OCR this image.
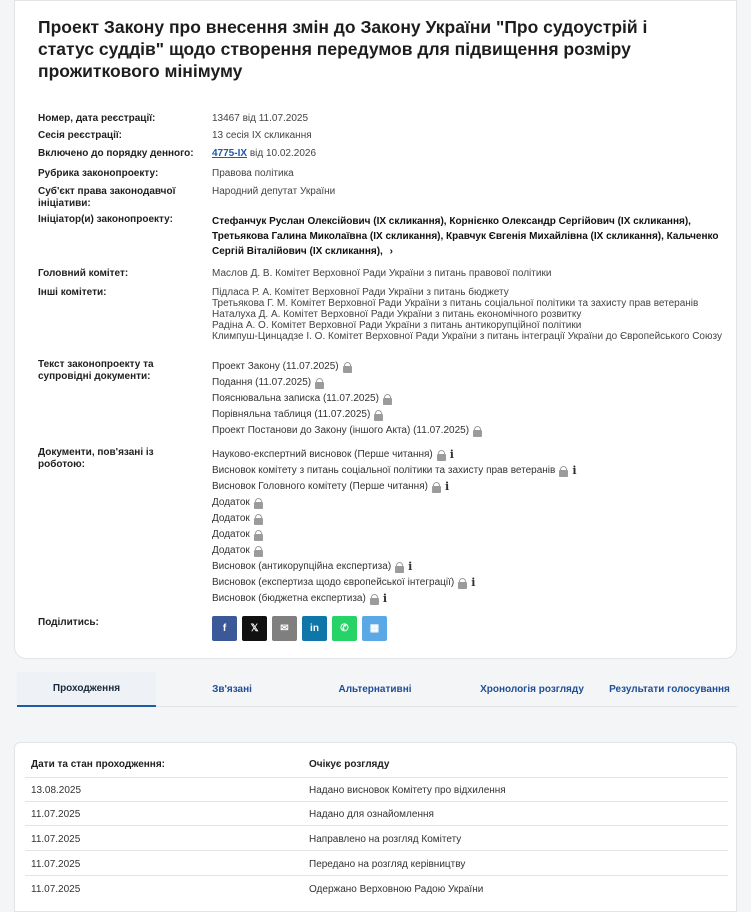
Проект Закону про внесення змін до Закону України "Про судоустрій і статус суддів" щодо створення передумов для підвищення розміру прожиткового мінімуму
Номер, дата реєстрації:	13467 від 11.07.2025
Сесія реєстрації:	13 сесія IX скликання
Включено до порядку денного:	4775-IX від 10.02.2026
Рубрика законопроекту:	Правова політика
Суб'єкт права законодавчої ініціативи:
Народний депутат України
Ініціатор(и) законопроекту:	Стефанчук Руслан Олексійович (IX скликання), Корнієнко Олександр Сергійович (IX скликання), Третьякова Галина Миколаївна (IX скликання), Кравчук Євгенія Михайлівна (IX скликання), Кальченко Сергій Віталійович (IX скликання), ›
Головний комітет:	Маслов Д. В. Комітет Верховної Ради України з питань правової політики
Інші комітети:	Підласа Р. А. Комітет Верховної Ради України з питань бюджету
Третьякова Г. М. Комітет Верховної Ради України з питань соціальної політики та захисту прав ветеранів
Наталуха Д. А. Комітет Верховної Ради України з питань економічного розвитку
Радіна А. О. Комітет Верховної Ради України з питань антикорупційної політики
Климпуш-Цинцадзе І. О. Комітет Верховної Ради України з питань інтеграції України до Європейського Союзу
Текст законопроекту та супровідні документи:
Проект Закону (11.07.2025)
Подання (11.07.2025)
Пояснювальна записка (11.07.2025)
Порівняльна таблиця (11.07.2025)
Проект Постанови до Закону (іншого Акта) (11.07.2025)
Документи, пов'язані із роботою:
Науково-експертний висновок (Перше читання) i
Висновок комітету з питань соціальної політики та захисту прав ветеранів i
Висновок Головного комітету (Перше читання) i
Додаток
Додаток
Додаток
Додаток
Висновок (антикорупційна експертиза) i
Висновок (експертиза щодо європейської інтеграції) i
Висновок (бюджетна експертиза) i
Поділитись:
f 𝕏 ✉ in ✆ ▦
Проходження	Зв'язані	Альтернативні	Хронологія розгляду	Результати голосування
Дати та стан проходження:	Очікує розгляду
13.08.2025	Надано висновок Комітету про відхилення
11.07.2025	Надано для ознайомлення
11.07.2025	Направлено на розгляд Комітету
11.07.2025	Передано на розгляд керівництву
11.07.2025	Одержано Верховною Радою України
